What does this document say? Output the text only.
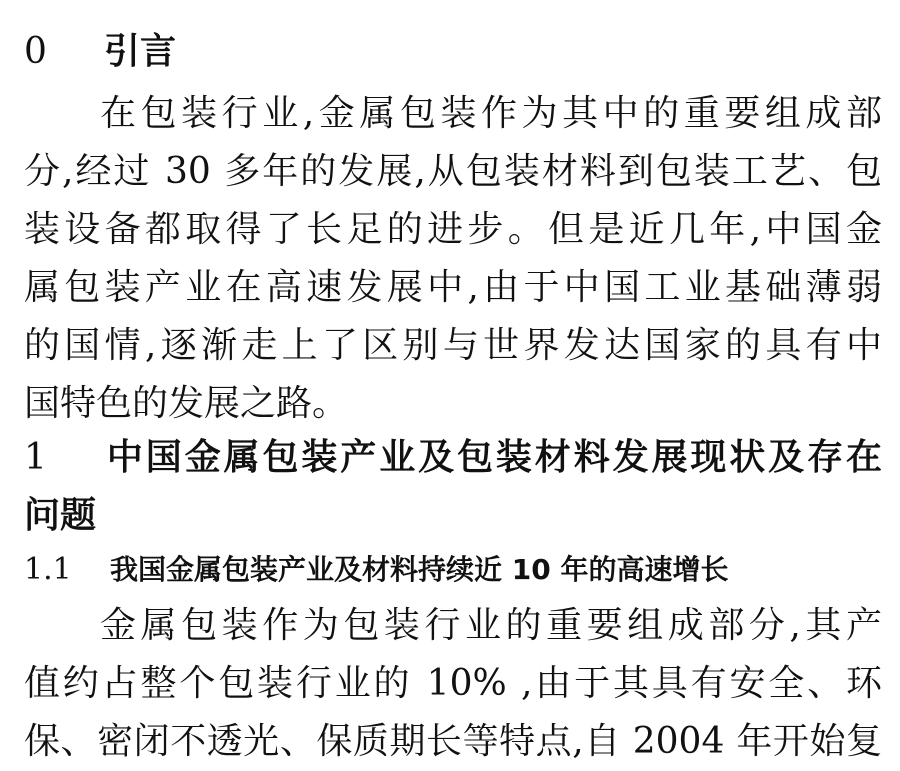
0 引言
在包装行业,金属包装作为其中的重要组成部
分,经过 30 多年的发展,从包装材料到包装工艺、包
装设备都取得了长足的进步。但是近几年,中国金
属包装产业在高速发展中,由于中国工业基础薄弱
的国情,逐渐走上了区别与世界发达国家的具有中
国特色的发展之路。
1 中国金属包装产业及包装材料发展现状及存在
问题
1.1 我国金属包装产业及材料持续近 10 年的高速增长
金属包装作为包装行业的重要组成部分,其产
值约占整个包装行业的 10% ,由于其具有安全、环
保、密闭不透光、保质期长等特点,自 2004 年开始复
